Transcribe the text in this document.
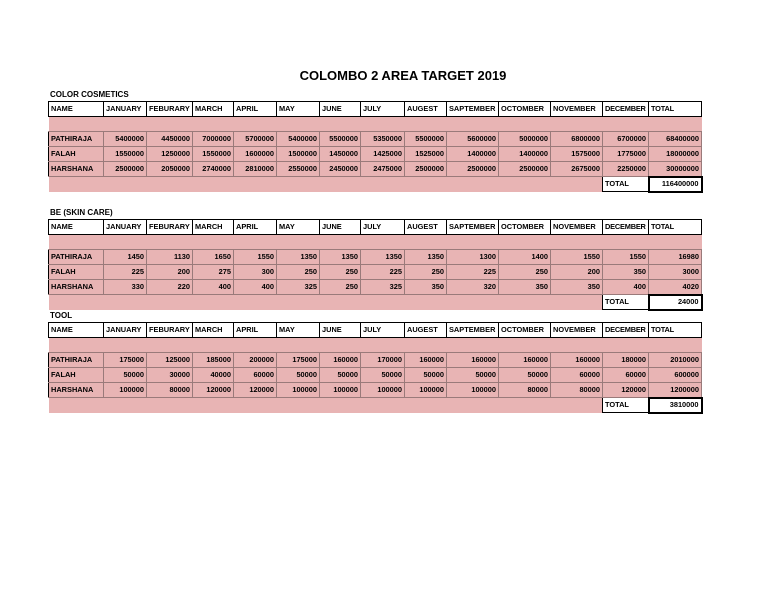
COLOMBO 2 AREA TARGET 2019
COLOR COSMETICS
NAME	JANUARY	FEBURARY	MARCH	APRIL	MAY	JUNE	JULY	AUGEST	SAPTEMBER	OCTOMBER	NOVEMBER	DECEMBER	TOTAL

PATHIRAJA	5400000	4450000	7000000	5700000	5400000	5500000	5350000	5500000	5600000	5000000	6800000	6700000	68400000
FALAH	1550000	1250000	1550000	1600000	1500000	1450000	1425000	1525000	1400000	1400000	1575000	1775000	18000000
HARSHANA	2500000	2050000	2740000	2810000	2550000	2450000	2475000	2500000	2500000	2500000	2675000	2250000	30000000
												TOTAL	116400000
BE (SKIN CARE)
NAME	JANUARY	FEBURARY	MARCH	APRIL	MAY	JUNE	JULY	AUGEST	SAPTEMBER	OCTOMBER	NOVEMBER	DECEMBER	TOTAL

PATHIRAJA	1450	1130	1650	1550	1350	1350	1350	1350	1300	1400	1550	1550	16980
FALAH	225	200	275	300	250	250	225	250	225	250	200	350	3000
HARSHANA	330	220	400	400	325	250	325	350	320	350	350	400	4020
												TOTAL	24000
TOOL
NAME	JANUARY	FEBURARY	MARCH	APRIL	MAY	JUNE	JULY	AUGEST	SAPTEMBER	OCTOMBER	NOVEMBER	DECEMBER	TOTAL

PATHIRAJA	175000	125000	185000	200000	175000	160000	170000	160000	160000	160000	160000	180000	2010000
FALAH	50000	30000	40000	60000	50000	50000	50000	50000	50000	50000	60000	60000	600000
HARSHANA	100000	80000	120000	120000	100000	100000	100000	100000	100000	80000	80000	120000	1200000
												TOTAL	3810000
